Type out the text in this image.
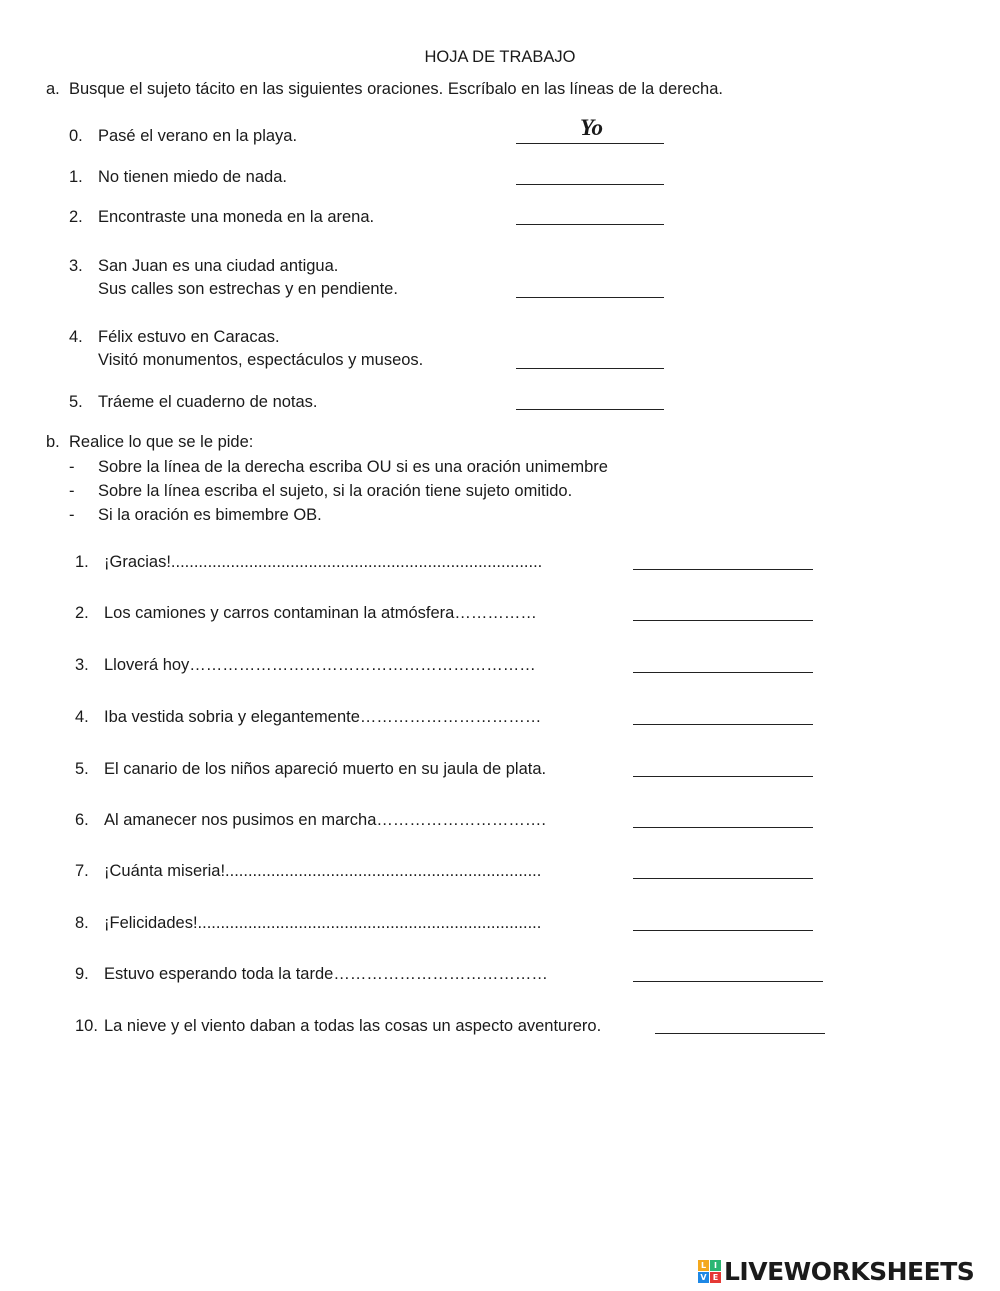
HOJA DE TRABAJO
a. Busque el sujeto tácito en las siguientes oraciones. Escríbalo en las líneas de la derecha.
0. Pasé el verano en la playa.	Yo
1. No tienen miedo de nada.
2. Encontraste una moneda en la arena.
3. San Juan es una ciudad antigua.
Sus calles son estrechas y en pendiente.
4. Félix estuvo en Caracas.
Visitó monumentos, espectáculos y museos.
5. Tráeme el cuaderno de notas.
b. Realice lo que se le pide:
- Sobre la línea de la derecha escriba OU si es una oración unimembre
- Sobre la línea escriba el sujeto, si la oración tiene sujeto omitido.
- Si la oración es bimembre OB.
1. ¡Gracias!.................................................................................
2. Los camiones y carros contaminan la atmósfera……………
3. Lloverá hoy………………………………………………………
4. Iba vestida sobria y elegantemente……………………………
5. El canario de los niños apareció muerto en su jaula de plata.
6. Al amanecer nos pusimos en marcha………………………….
7. ¡Cuánta miseria!.....................................................................
8. ¡Felicidades!...........................................................................
9. Estuvo esperando toda la tarde…………………………………
10. La nieve y el viento daban a todas las cosas un aspecto aventurero.
L I
V E LIVEWORKSHEETS
